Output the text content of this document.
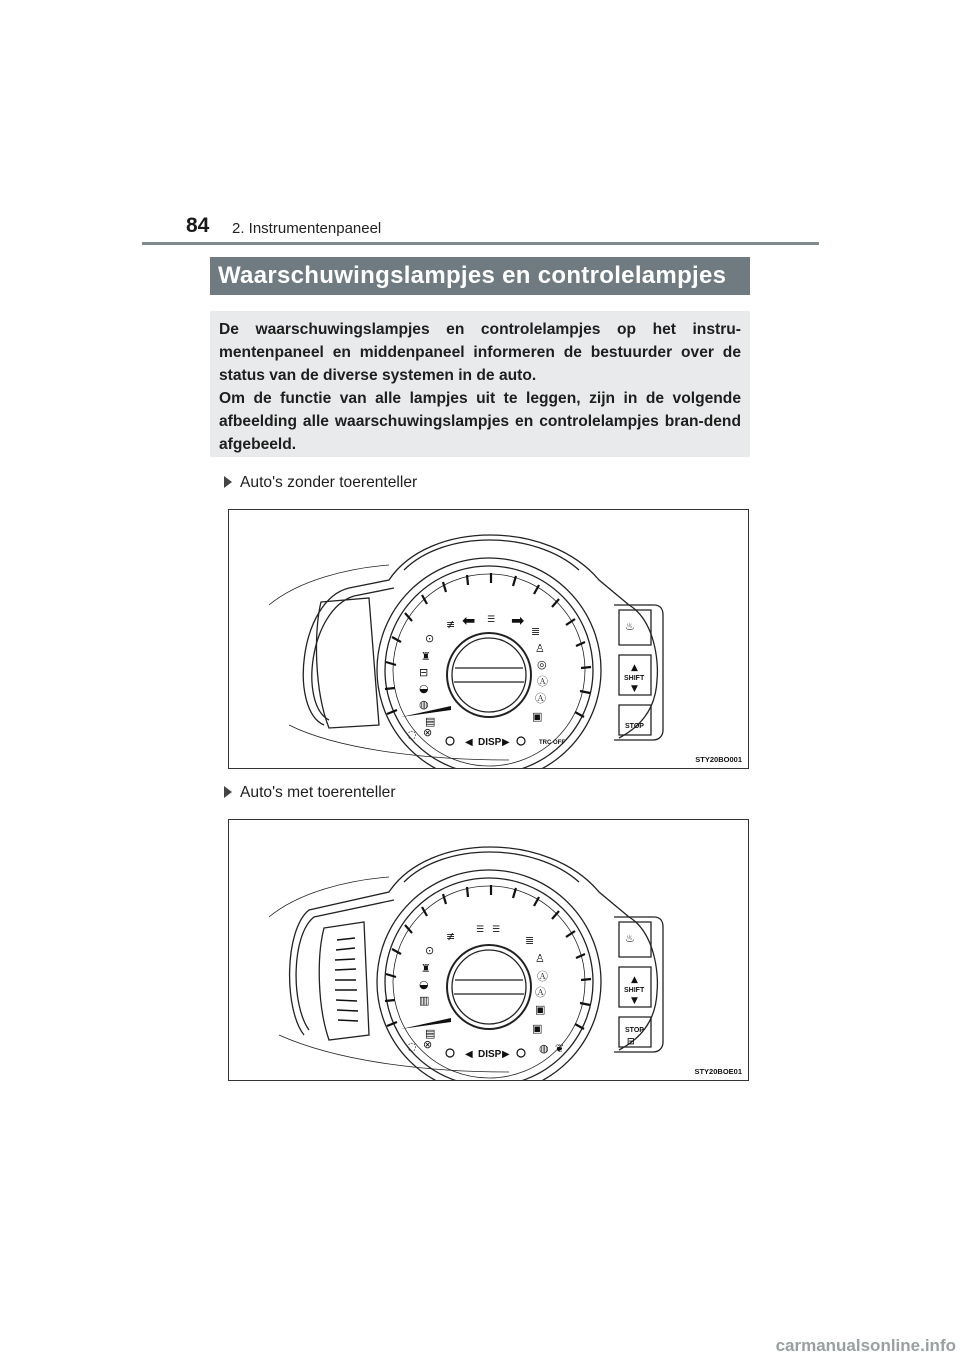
84 2. Instrumentenpaneel
Waarschuwingslampjes en controlelampjes

De waarschuwingslampjes en controlelampjes op het instru-mentenpaneel en middenpaneel informeren de bestuurder over de status van de diverse systemen in de auto.

Om de functie van alle lampjes uit te leggen, zijn in de volgende afbeelding alle waarschuwingslampjes en controlelampjes bran-dend afgebeeld.

Auto's zonder toerenteller
≢ ⬅ ☰ ➡
≣
♙
◎
Ⓐ
Ⓐ
▣
⊙
♜
⊟
◒
◍
▤
◌ ⊗
◀ DISP ▶	TRC OFF
♨
▲
SHIFT
▼
STOP
STY20BO001
Auto's met toerenteller
≢ ☰ ☰
≣
♙
Ⓐ
Ⓐ
▣
▣
⊙
♜
◒
▥
▤
◌ ⊗	◍ ❦
◀ DISP ▶
♨
▲
SHIFT
▼
STOP
⊟
STY20BOE01
carmanualsonline.info
